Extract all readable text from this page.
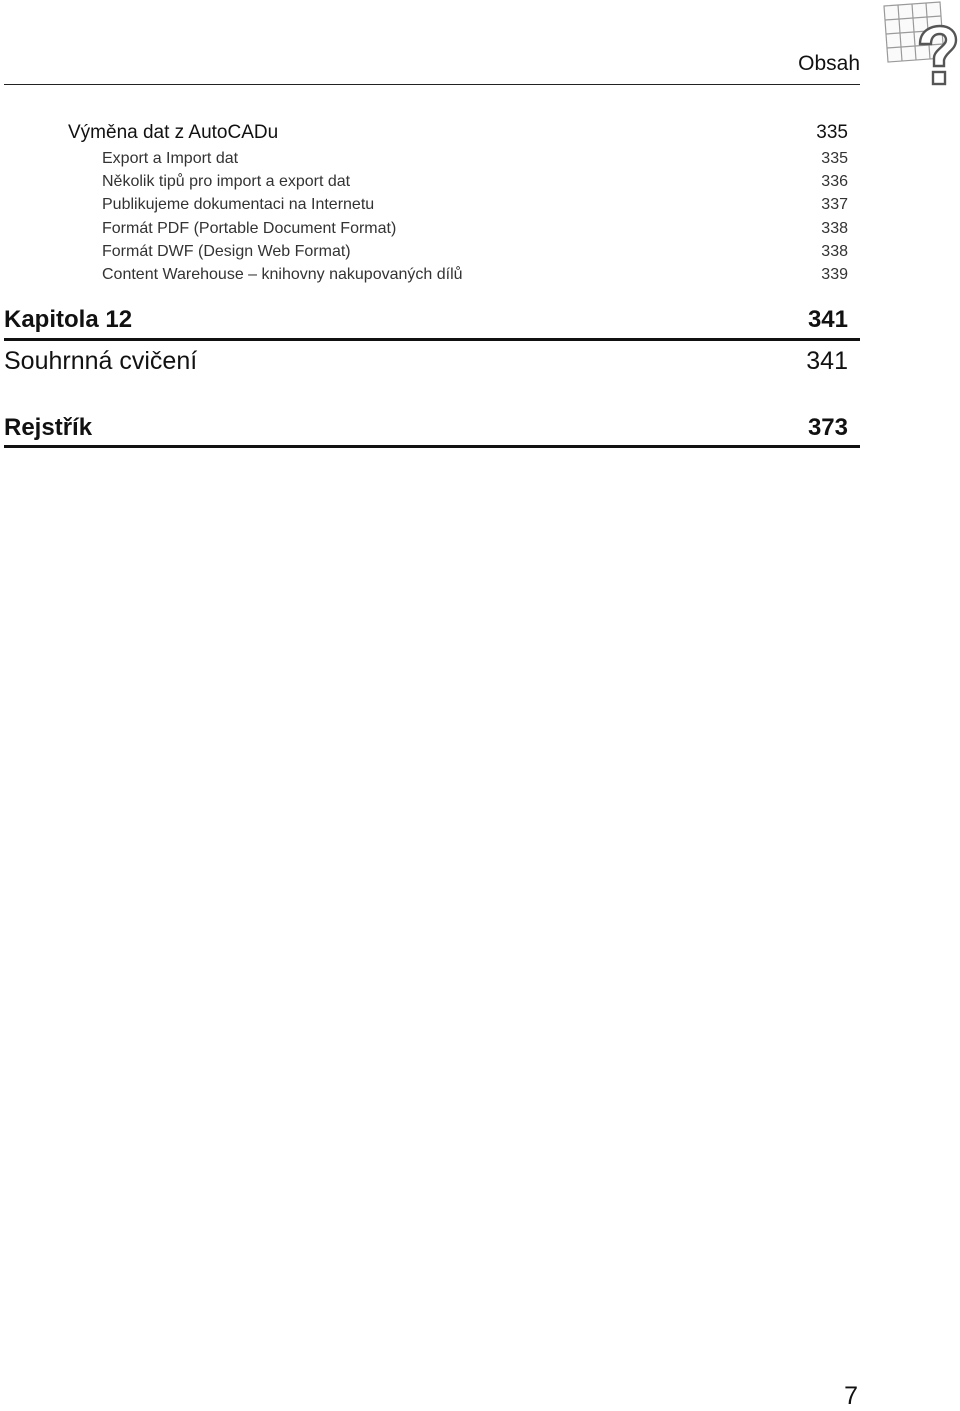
Obsah
Výměna dat z AutoCADu	335
Export a Import dat	335
Několik tipů pro import a export dat	336
Publikujeme dokumentaci na Internetu	337
Formát PDF (Portable Document Format)	338
Formát DWF (Design Web Format)	338
Content Warehouse – knihovny nakupovaných dílů	339
Kapitola 12	341
Souhrnná cvičení	341
Rejstřík	373
7
